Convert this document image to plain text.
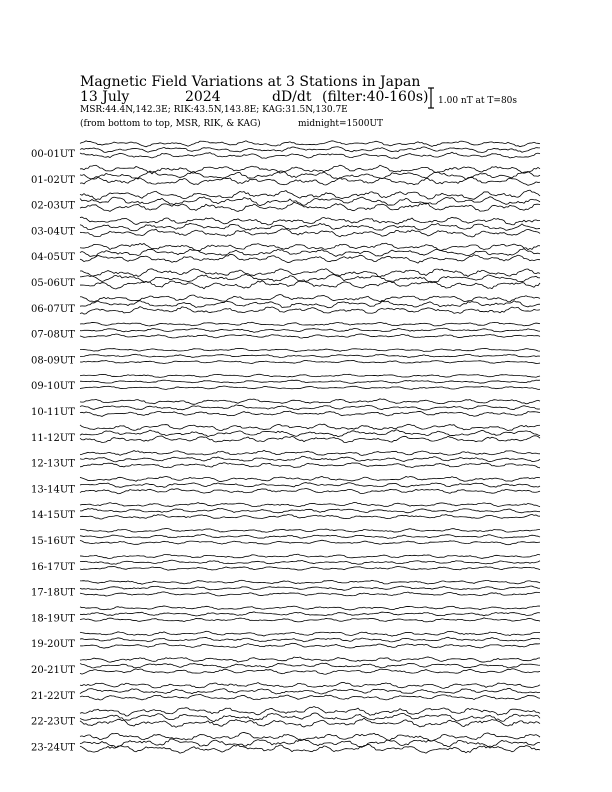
Magnetic Field Variations at 3 Stations in Japan
13 July	2024	dD/dt (filter:40-160s)
MSR:44.4N,142.3E; RIK:43.5N,143.8E; KAG:31.5N,130.7E
(from bottom to top, MSR, RIK, & KAG)	midnight=1500UT
1.00 nT at T=80s
00-01UT
01-02UT
02-03UT
03-04UT
04-05UT
05-06UT
06-07UT
07-08UT
08-09UT
09-10UT
10-11UT
11-12UT
12-13UT
13-14UT
14-15UT
15-16UT
16-17UT
17-18UT
18-19UT
19-20UT
20-21UT
21-22UT
22-23UT
23-24UT
